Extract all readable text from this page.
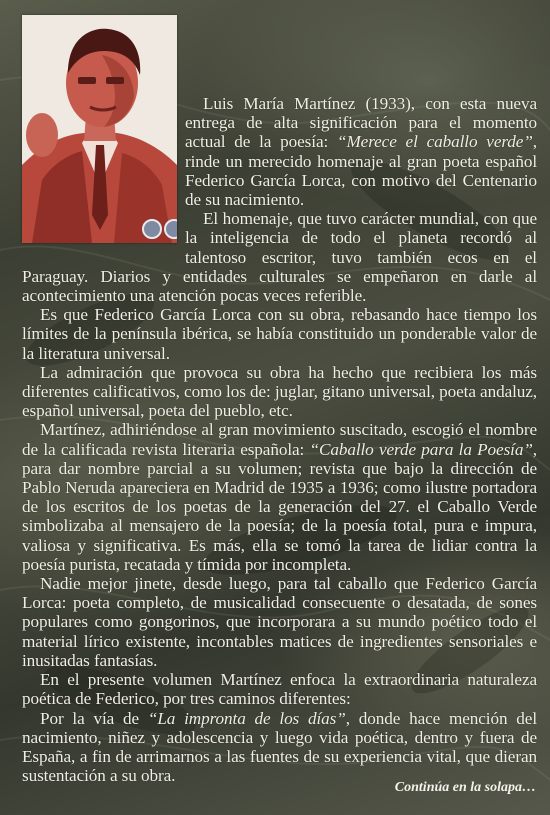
Luis María Martínez (1933), con esta nueva entrega de alta significación para el momento actual de la poesía: “Merece el caballo verde”, rinde un merecido homenaje al gran poeta español Federico García Lorca, con motivo del Centenario de su nacimiento.

El homenaje, que tuvo carácter mundial, con que la inteligencia de todo el planeta recordó al talentoso escritor, tuvo también ecos en el Paraguay. Diarios y entidades culturales se empeñaron en darle al acontecimiento una atención pocas veces referible.

Es que Federico García Lorca con su obra, rebasando hace tiempo los límites de la península ibérica, se había constituido un ponderable valor de la literatura universal.

La admiración que provoca su obra ha hecho que recibiera los más diferentes calificativos, como los de: juglar, gitano universal, poeta andaluz, español universal, poeta del pueblo, etc.

Martínez, adhiriéndose al gran movimiento suscitado, escogió el nombre de la calificada revista literaria española: “Caballo verde para la Poesía”, para dar nombre parcial a su volumen; revista que bajo la dirección de Pablo Neruda apareciera en Madrid de 1935 a 1936; como ilustre portadora de los escritos de los poetas de la generación del 27. el Caballo Verde simbolizaba al mensajero de la poesía; de la poesía total, pura e impura, valiosa y significativa. Es más, ella se tomó la tarea de lidiar contra la poesía purista, recatada y tímida por incompleta.

Nadie mejor jinete, desde luego, para tal caballo que Federico García Lorca: poeta completo, de musicalidad consecuente o desatada, de sones populares como gongorinos, que incorporara a su mundo poético todo el material lírico existente, incontables matices de ingredientes sensoriales e inusitadas fantasías.

En el presente volumen Martínez enfoca la extraordinaria naturaleza poética de Federico, por tres caminos diferentes:

Por la vía de “La impronta de los días”, donde hace mención del nacimiento, niñez y adolescencia y luego vida poética, dentro y fuera de España, a fin de arrimarnos a las fuentes de su experiencia vital, que dieran sustentación a su obra.

Continúa en la solapa…
